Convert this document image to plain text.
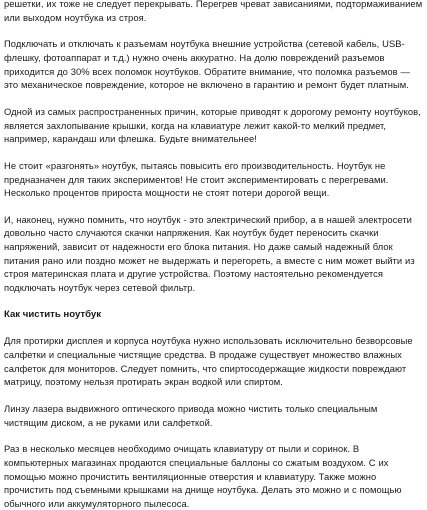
решетки, их тоже не следует перекрывать. Перегрев чреват зависаниями, подтормаживанием или выходом ноутбука из строя.

Подключать и отключать к разъемам ноутбука внешние устройства (сетевой кабель, USB-флешку, фотоаппарат и т.д.) нужно очень аккуратно. На долю повреждений разъемов приходится до 30% всех поломок ноутбуков. Обратите внимание, что поломка разъемов — это механическое повреждение, которое не включено в гарантию и ремонт будет платным.

Одной из самых распространенных причин, которые приводят к дорогому ремонту ноутбуков, является захлопывание крышки, когда на клавиатуре лежит какой-то мелкий предмет, например, карандаш или флешка. Будьте внимательнее!

Не стоит «разгонять» ноутбук, пытаясь повысить его производительность. Ноутбук не предназначен для таких экспериментов! Не стоит экспериментировать с перегревами. Несколько процентов прироста мощности не стоят потери дорогой вещи.

И, наконец, нужно помнить, что ноутбук - это электрический прибор, а в нашей электросети довольно часто случаются скачки напряжения. Как ноутбук будет переносить скачки напряжений, зависит от надежности его блока питания. Но даже самый надежный блок питания рано или поздно может не выдержать и перегореть, а вместе с ним может выйти из строя материнская плата и другие устройства. Поэтому настоятельно рекомендуется подключать ноутбук через сетевой фильтр.

Как чистить ноутбук

Для протирки дисплея и корпуса ноутбука нужно использовать исключительно безворсовые салфетки и специальные чистящие средства. В продаже существует множество влажных салфеток для мониторов. Следует помнить, что спиртосодержащие жидкости повреждают матрицу, поэтому нельзя протирать экран водкой или спиртом.

Линзу лазера выдвижного оптического привода можно чистить только специальным чистящим диском, а не руками или салфеткой.

Раз в несколько месяцев необходимо очищать клавиатуру от пыли и соринок. В компьютерных магазинах продаются специальные баллоны со сжатым воздухом. С их помощью можно прочистить вентиляционные отверстия и клавиатуру. Также можно прочистить под съемными крышками на днище ноутбука. Делать это можно и с помощью обычного или аккумуляторного пылесоса.
